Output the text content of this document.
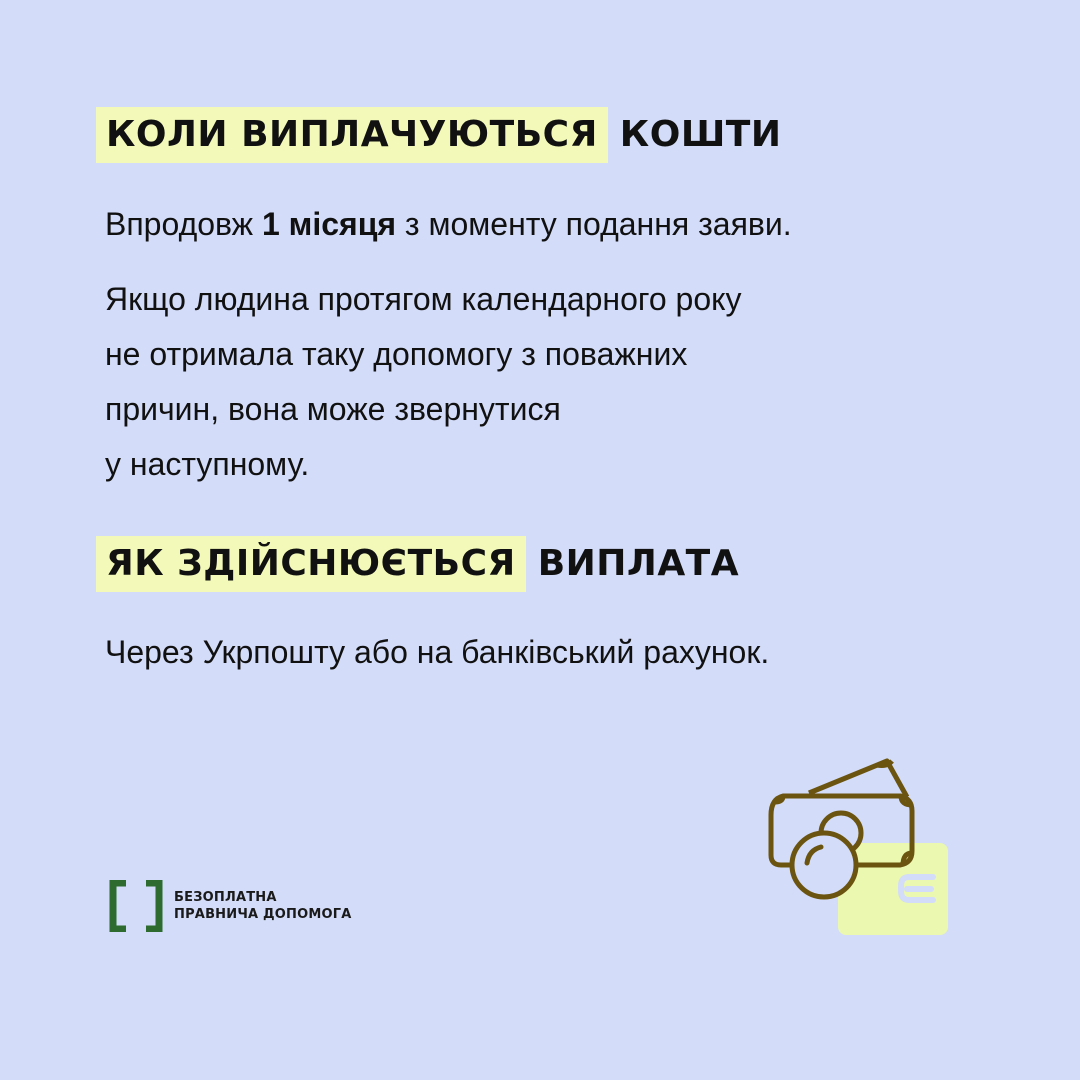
КОЛИ ВИПЛАЧУЮТЬСЯ КОШТИ

Впродовж 1 місяця з моменту подання заяви.

Якщо людина протягом календарного року
не отримала таку допомогу з поважних
причин, вона може звернутися
у наступному.
ЯК ЗДІЙСНЮЄТЬСЯ ВИПЛАТА

Через Укрпошту або на банківський рахунок.

БЕЗОПЛАТНА
ПРАВНИЧА ДОПОМОГА
